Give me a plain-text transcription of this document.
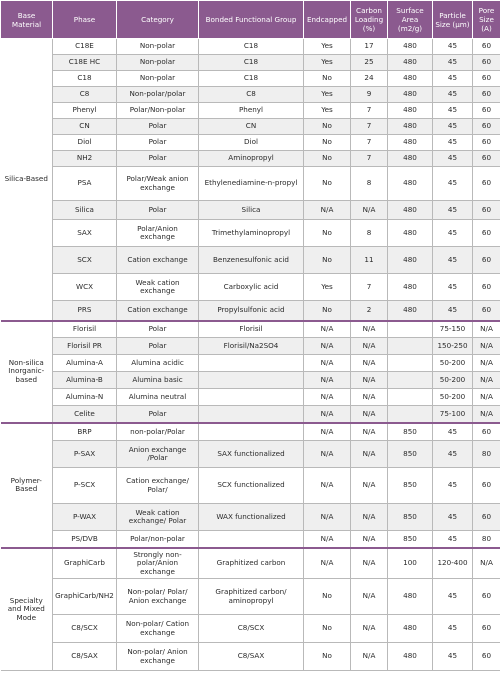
Base Material	Phase	Category	Bonded Functional Group	Endcapped	Carbon Loading (%)	Surface Area (m2/g)	Particle Size (µm)	Pore Size (A)
Silica-Based	C18E	Non-polar	C18	Yes	17	480	45	60
	C18E HC	Non-polar	C18	Yes	25	480	45	60
	C18	Non-polar	C18	No	24	480	45	60
	C8	Non-polar/polar	C8	Yes	9	480	45	60
	Phenyl	Polar/Non-polar	Phenyl	Yes	7	480	45	60
	CN	Polar	CN	No	7	480	45	60
	Diol	Polar	Diol	No	7	480	45	60
	NH2	Polar	Aminopropyl	No	7	480	45	60
	PSA	Polar/Weak anion exchange	Ethylenediamine-n-propyl	No	8	480	45	60
	Silica	Polar	Silica	N/A	N/A	480	45	60
	SAX	Polar/Anion exchange	Trimethylaminopropyl	No	8	480	45	60
	SCX	Cation exchange	Benzenesulfonic acid	No	11	480	45	60
	WCX	Weak cation exchange	Carboxylic acid	Yes	7	480	45	60
	PRS	Cation exchange	Propylsulfonic acid	No	2	480	45	60
Non-silica Inorganic-based	Florisil	Polar	Florisil	N/A	N/A		75-150	N/A
	Florisil PR	Polar	Florisil/Na2SO4	N/A	N/A		150-250	N/A
	Alumina-A	Alumina acidic		N/A	N/A		50-200	N/A
	Alumina-B	Alumina basic		N/A	N/A		50-200	N/A
	Alumina-N	Alumina neutral		N/A	N/A		50-200	N/A
	Celite	Polar		N/A	N/A		75-100	N/A
Polymer-Based	BRP	non-polar/Polar		N/A	N/A	850	45	60
	P-SAX	Anion exchange /Polar	SAX functionalized	N/A	N/A	850	45	80
	P-SCX	Cation exchange/ Polar/	SCX functionalized	N/A	N/A	850	45	60
	P-WAX	Weak cation exchange/ Polar	WAX functionalized	N/A	N/A	850	45	60
	PS/DVB	Polar/non-polar		N/A	N/A	850	45	80
Specialty and Mixed Mode	GraphiCarb	Strongly non-polar/Anion exchange	Graphitized carbon	N/A	N/A	100	120-400	N/A
	GraphiCarb/NH2	Non-polar/ Polar/ Anion exchange	Graphitized carbon/ aminopropyl	No	N/A	480	45	60
	C8/SCX	Non-polar/ Cation exchange	C8/SCX	No	N/A	480	45	60
	C8/SAX	Non-polar/ Anion exchange	C8/SAX	No	N/A	480	45	60
